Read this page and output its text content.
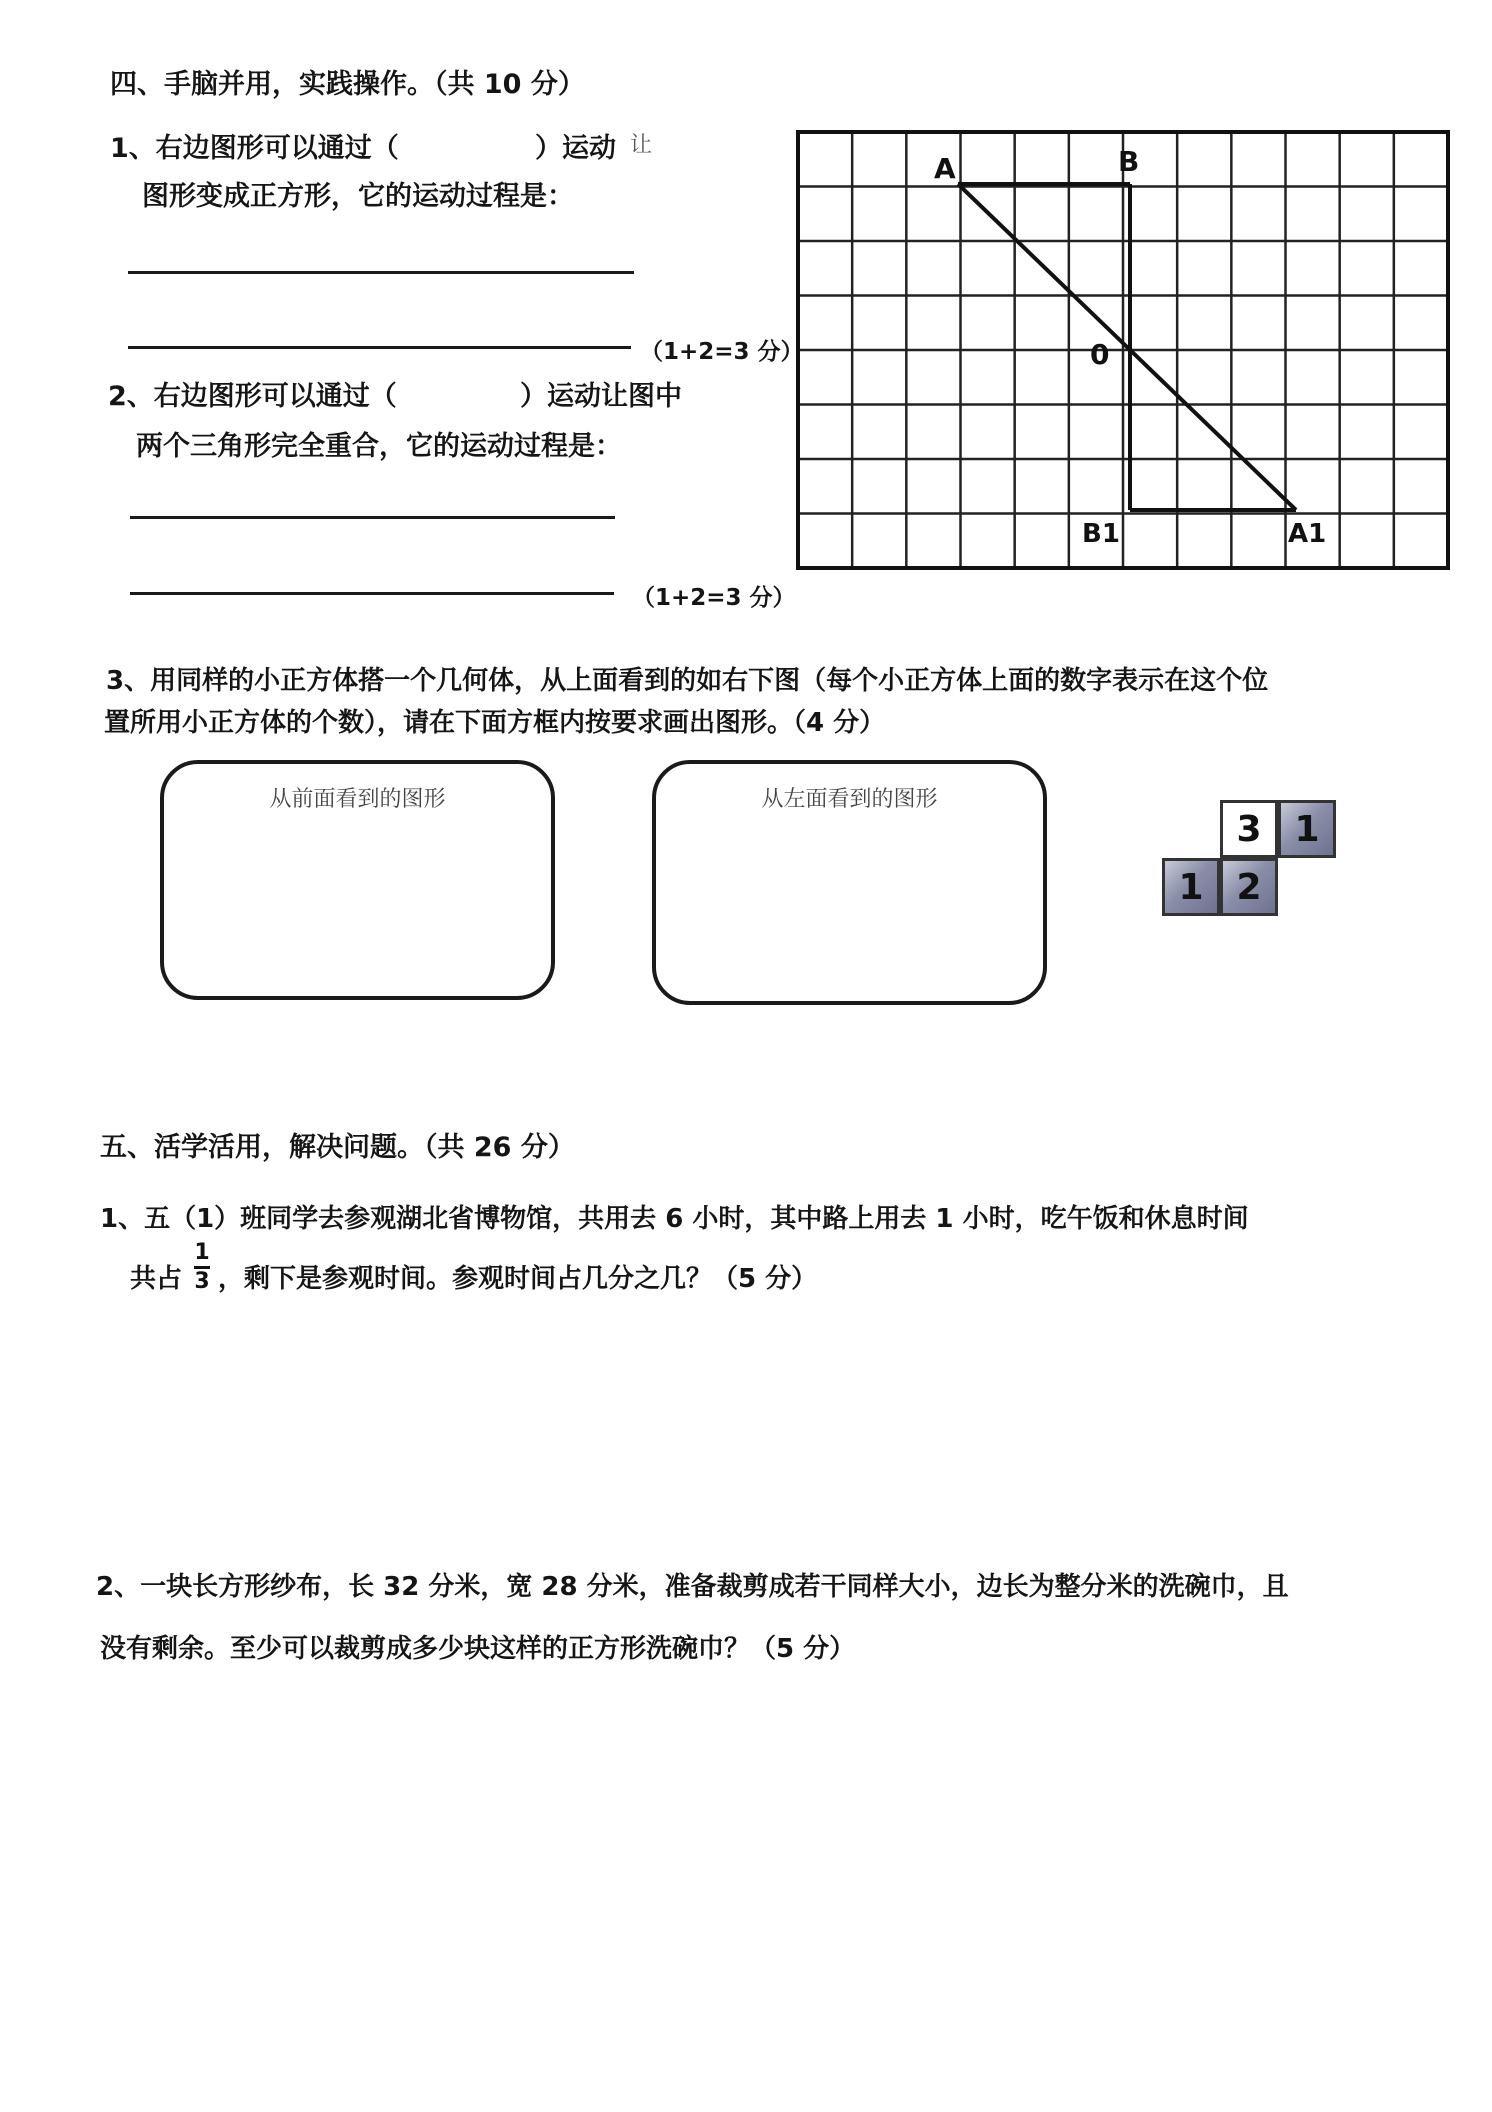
四、手脑并用，实践操作。（共 10 分）
1、右边图形可以通过（	）运动 让
图形变成正方形，它的运动过程是：
（1+2=3 分）
2、右边图形可以通过（	）运动让图中
两个三角形完全重合，它的运动过程是：
（1+2=3 分）
A	B
0
B1	A1
3、用同样的小正方体搭一个几何体，从上面看到的如右下图（每个小正方体上面的数字表示在这个位
置所用小正方体的个数），请在下面方框内按要求画出图形。（4 分）
从前面看到的图形	从左面看到的图形
3 1
1 2
五、活学活用，解决问题。（共 26 分）
1、五（1）班同学去参观湖北省博物馆，共用去 6 小时，其中路上用去 1 小时，吃午饭和休息时间
共占
1
3 ，剩下是参观时间。参观时间占几分之几？（5 分）
2、一块长方形纱布，长 32 分米，宽 28 分米，准备裁剪成若干同样大小，边长为整分米的洗碗巾，且
没有剩余。至少可以裁剪成多少块这样的正方形洗碗巾？（5 分）
